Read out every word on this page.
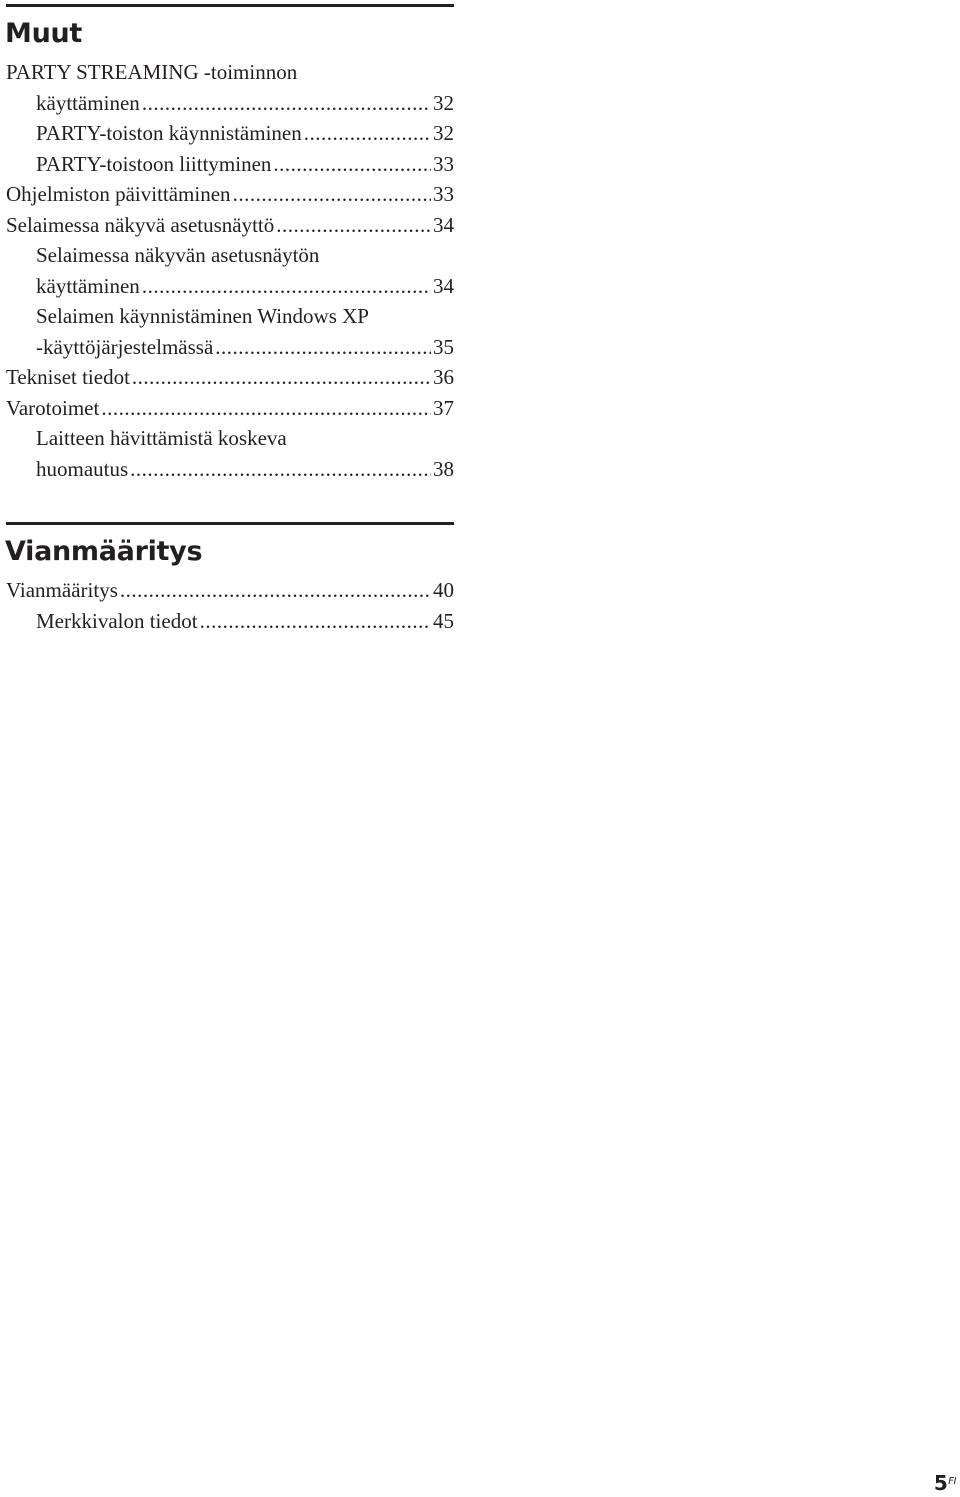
Muut
PARTY STREAMING -toiminnon
käyttäminen .....	32
PARTY-toiston käynnistäminen .....	32
PARTY-toistoon liittyminen .....	33
Ohjelmiston päivittäminen .....	33
Selaimessa näkyvä asetusnäyttö .....	34
Selaimessa näkyvän asetusnäytön
käyttäminen .....	34
Selaimen käynnistäminen Windows XP
-käyttöjärjestelmässä .....	35
Tekniset tiedot .....	36
Varotoimet .....	37
Laitteen hävittämistä koskeva
huomautus .....	38
Vianmääritys
Vianmääritys .....	40
Merkkivalon tiedot .....	45
$5^{FI}$
